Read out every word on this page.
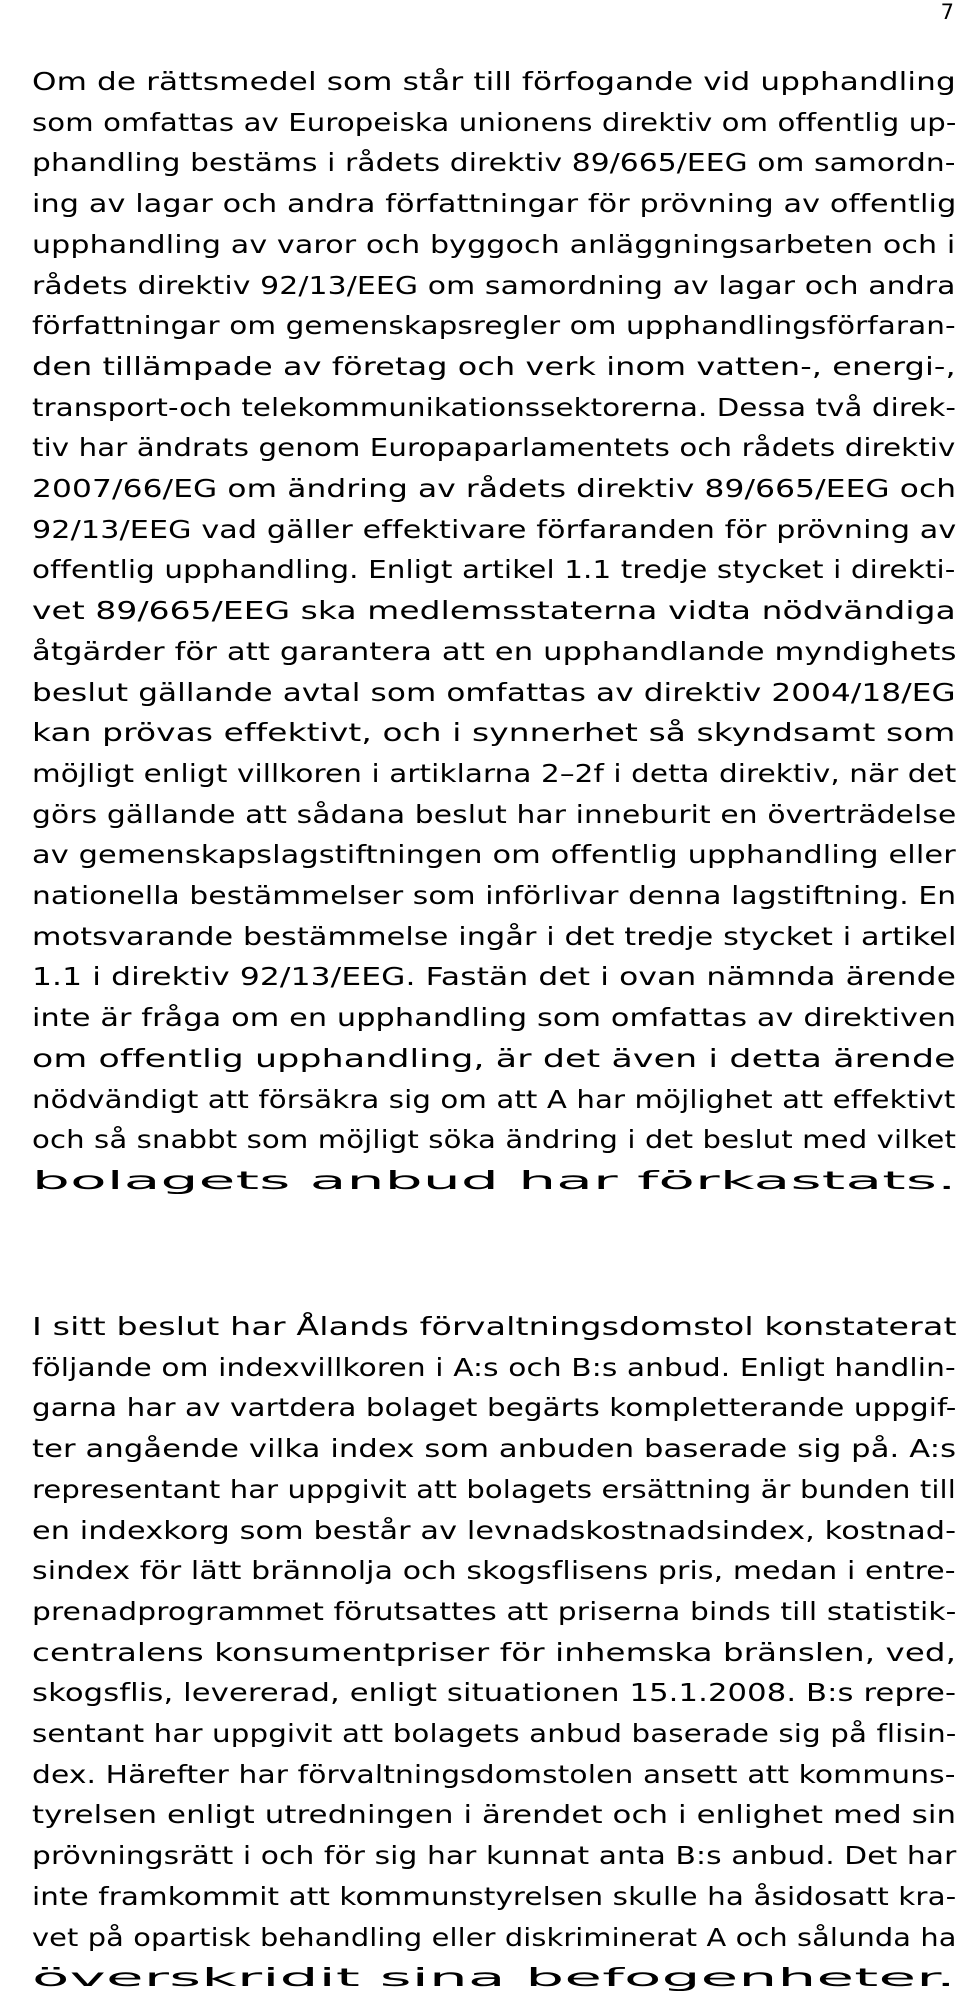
7
Om de rättsmedel som står till förfogande vid upphandling
som omfattas av Europeiska unionens direktiv om offentlig up-
phandling bestäms i rådets direktiv 89/665/EEG om samordn-
ing av lagar och andra författningar för prövning av offentlig
upphandling av varor och byggoch anläggningsarbeten och i
rådets direktiv 92/13/EEG om samordning av lagar och andra
författningar om gemenskapsregler om upphandlingsförfaran-
den tillämpade av företag och verk inom vatten-, energi-,
transport-och telekommunikationssektorerna. Dessa två direk-
tiv har ändrats genom Europaparlamentets och rådets direktiv
2007/66/EG om ändring av rådets direktiv 89/665/EEG och
92/13/EEG vad gäller effektivare förfaranden för prövning av
offentlig upphandling. Enligt artikel 1.1 tredje stycket i direkti-
vet 89/665/EEG ska medlemsstaterna vidta nödvändiga
åtgärder för att garantera att en upphandlande myndighets
beslut gällande avtal som omfattas av direktiv 2004/18/EG
kan prövas effektivt, och i synnerhet så skyndsamt som
möjligt enligt villkoren i artiklarna 2–2f i detta direktiv, när det
görs gällande att sådana beslut har inneburit en överträdelse
av gemenskapslagstiftningen om offentlig upphandling eller
nationella bestämmelser som införlivar denna lagstiftning. En
motsvarande bestämmelse ingår i det tredje stycket i artikel
1.1 i direktiv 92/13/EEG. Fastän det i ovan nämnda ärende
inte är fråga om en upphandling som omfattas av direktiven
om offentlig upphandling, är det även i detta ärende
nödvändigt att försäkra sig om att A har möjlighet att effektivt
och så snabbt som möjligt söka ändring i det beslut med vilket
bolagets anbud har förkastats.
I sitt beslut har Ålands förvaltningsdomstol konstaterat
följande om indexvillkoren i A:s och B:s anbud. Enligt handlin-
garna har av vartdera bolaget begärts kompletterande uppgif-
ter angående vilka index som anbuden baserade sig på. A:s
representant har uppgivit att bolagets ersättning är bunden till
en indexkorg som består av levnadskostnadsindex, kostnad-
sindex för lätt brännolja och skogsflisens pris, medan i entre-
prenadprogrammet förutsattes att priserna binds till statistik-
centralens konsumentpriser för inhemska bränslen, ved,
skogsflis, levererad, enligt situationen 15.1.2008. B:s repre-
sentant har uppgivit att bolagets anbud baserade sig på flisin-
dex. Härefter har förvaltningsdomstolen ansett att kommuns-
tyrelsen enligt utredningen i ärendet och i enlighet med sin
prövningsrätt i och för sig har kunnat anta B:s anbud. Det har
inte framkommit att kommunstyrelsen skulle ha åsidosatt kra-
vet på opartisk behandling eller diskriminerat A och sålunda ha
överskridit sina befogenheter.
